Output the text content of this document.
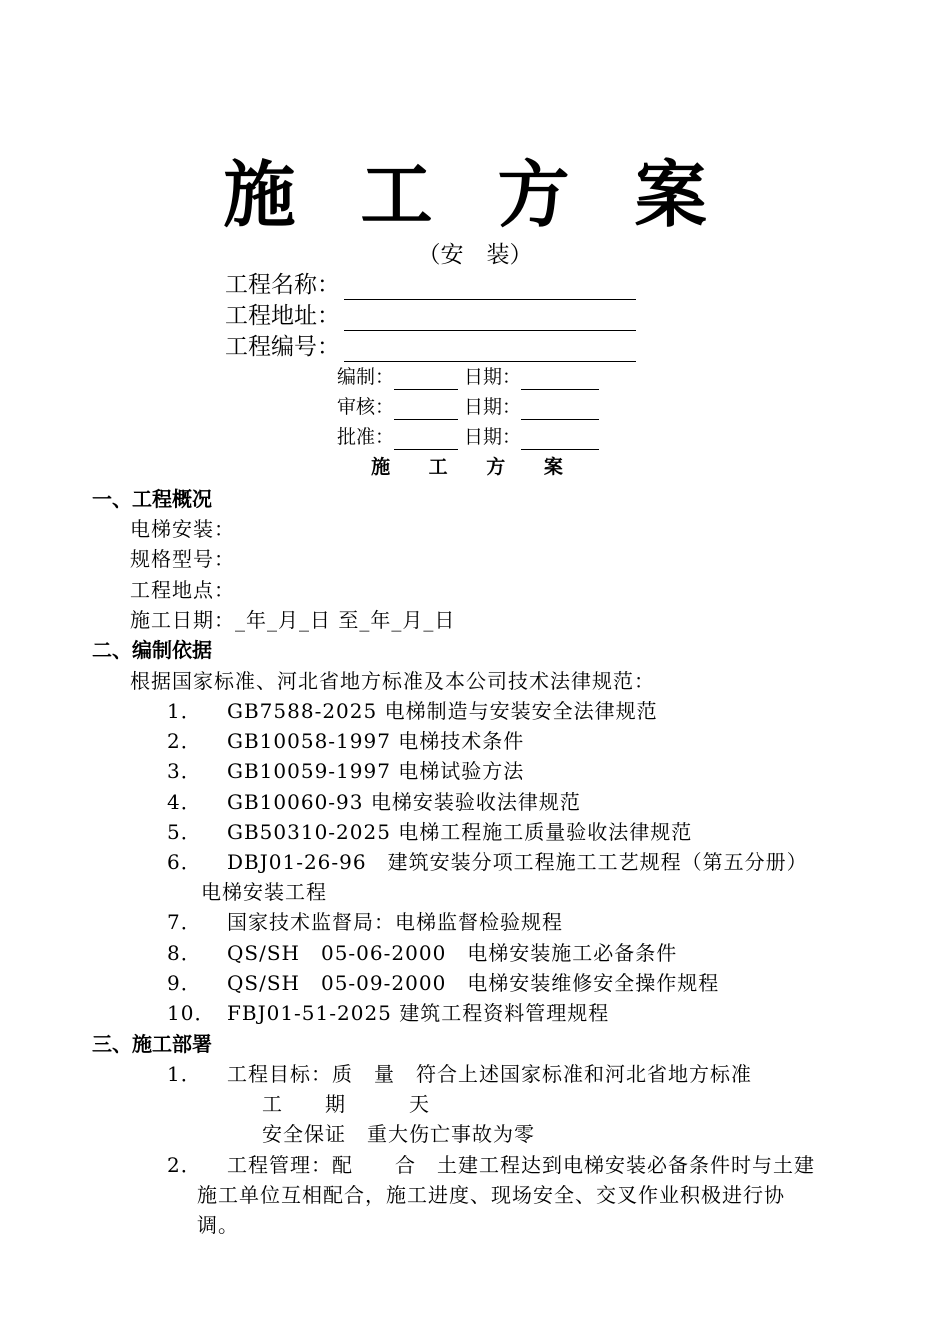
施 工 方 案
（安　装）
工程名称：
工程地址：
工程编号：
编制：	日期：
审核：	日期：
批准：	日期：
施 工 方 案
一、工程概况
电梯安装：
规格型号：
工程地点：
施工日期：_年_月_日 至_年_月_日
二、编制依据
根据国家标准、河北省地方标准及本公司技术法律规范：
1． GB7588-2025 电梯制造与安装安全法律规范
2． GB10058-1997 电梯技术条件
3． GB10059-1997 电梯试验方法
4． GB10060-93 电梯安装验收法律规范
5． GB50310-2025 电梯工程施工质量验收法律规范
6． DBJ01-26-96　建筑安装分项工程施工工艺规程（第五分册）
电梯安装工程
7． 国家技术监督局：电梯监督检验规程
8． QS/SH　05-06-2000　电梯安装施工必备条件
9． QS/SH　05-09-2000　电梯安装维修安全操作规程
10． FBJ01-51-2025 建筑工程资料管理规程
三、施工部署
1． 工程目标：质　量　符合上述国家标准和河北省地方标准
工　　期　　　天
安全保证　重大伤亡事故为零
2． 工程管理：配　　合　土建工程达到电梯安装必备条件时与土建
施工单位互相配合，施工进度、现场安全、交叉作业积极进行协
调。
